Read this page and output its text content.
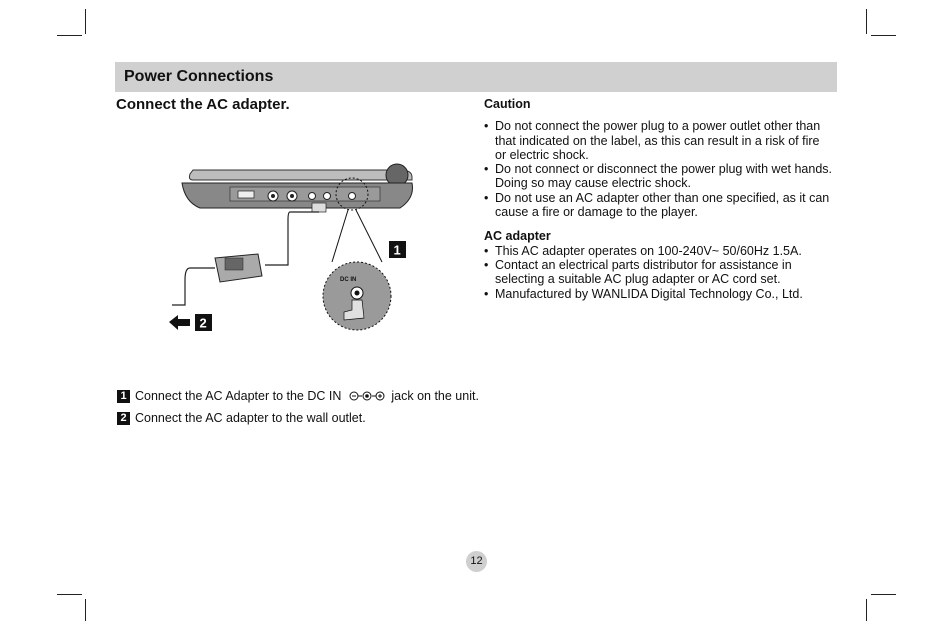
Power Connections
Connect the AC adapter.
DC IN
1
2
1 Connect the AC Adapter to the DC IN	jack on the unit.
2 Connect the AC adapter to the wall outlet.
Caution
• Do not connect the power plug to a power outlet other than that indicated on the label, as this can result in a risk of fire or electric shock.
• Do not connect or disconnect the power plug with wet hands. Doing so may cause electric shock.
• Do not use an AC adapter other than one specified, as it can cause a fire or damage to the player.
AC adapter
• This AC adapter operates on 100-240V~ 50/60Hz 1.5A.
• Contact an electrical parts distributor for assistance in selecting a suitable AC plug adapter or AC cord set.
• Manufactured by WANLIDA Digital Technology Co., Ltd.
12
